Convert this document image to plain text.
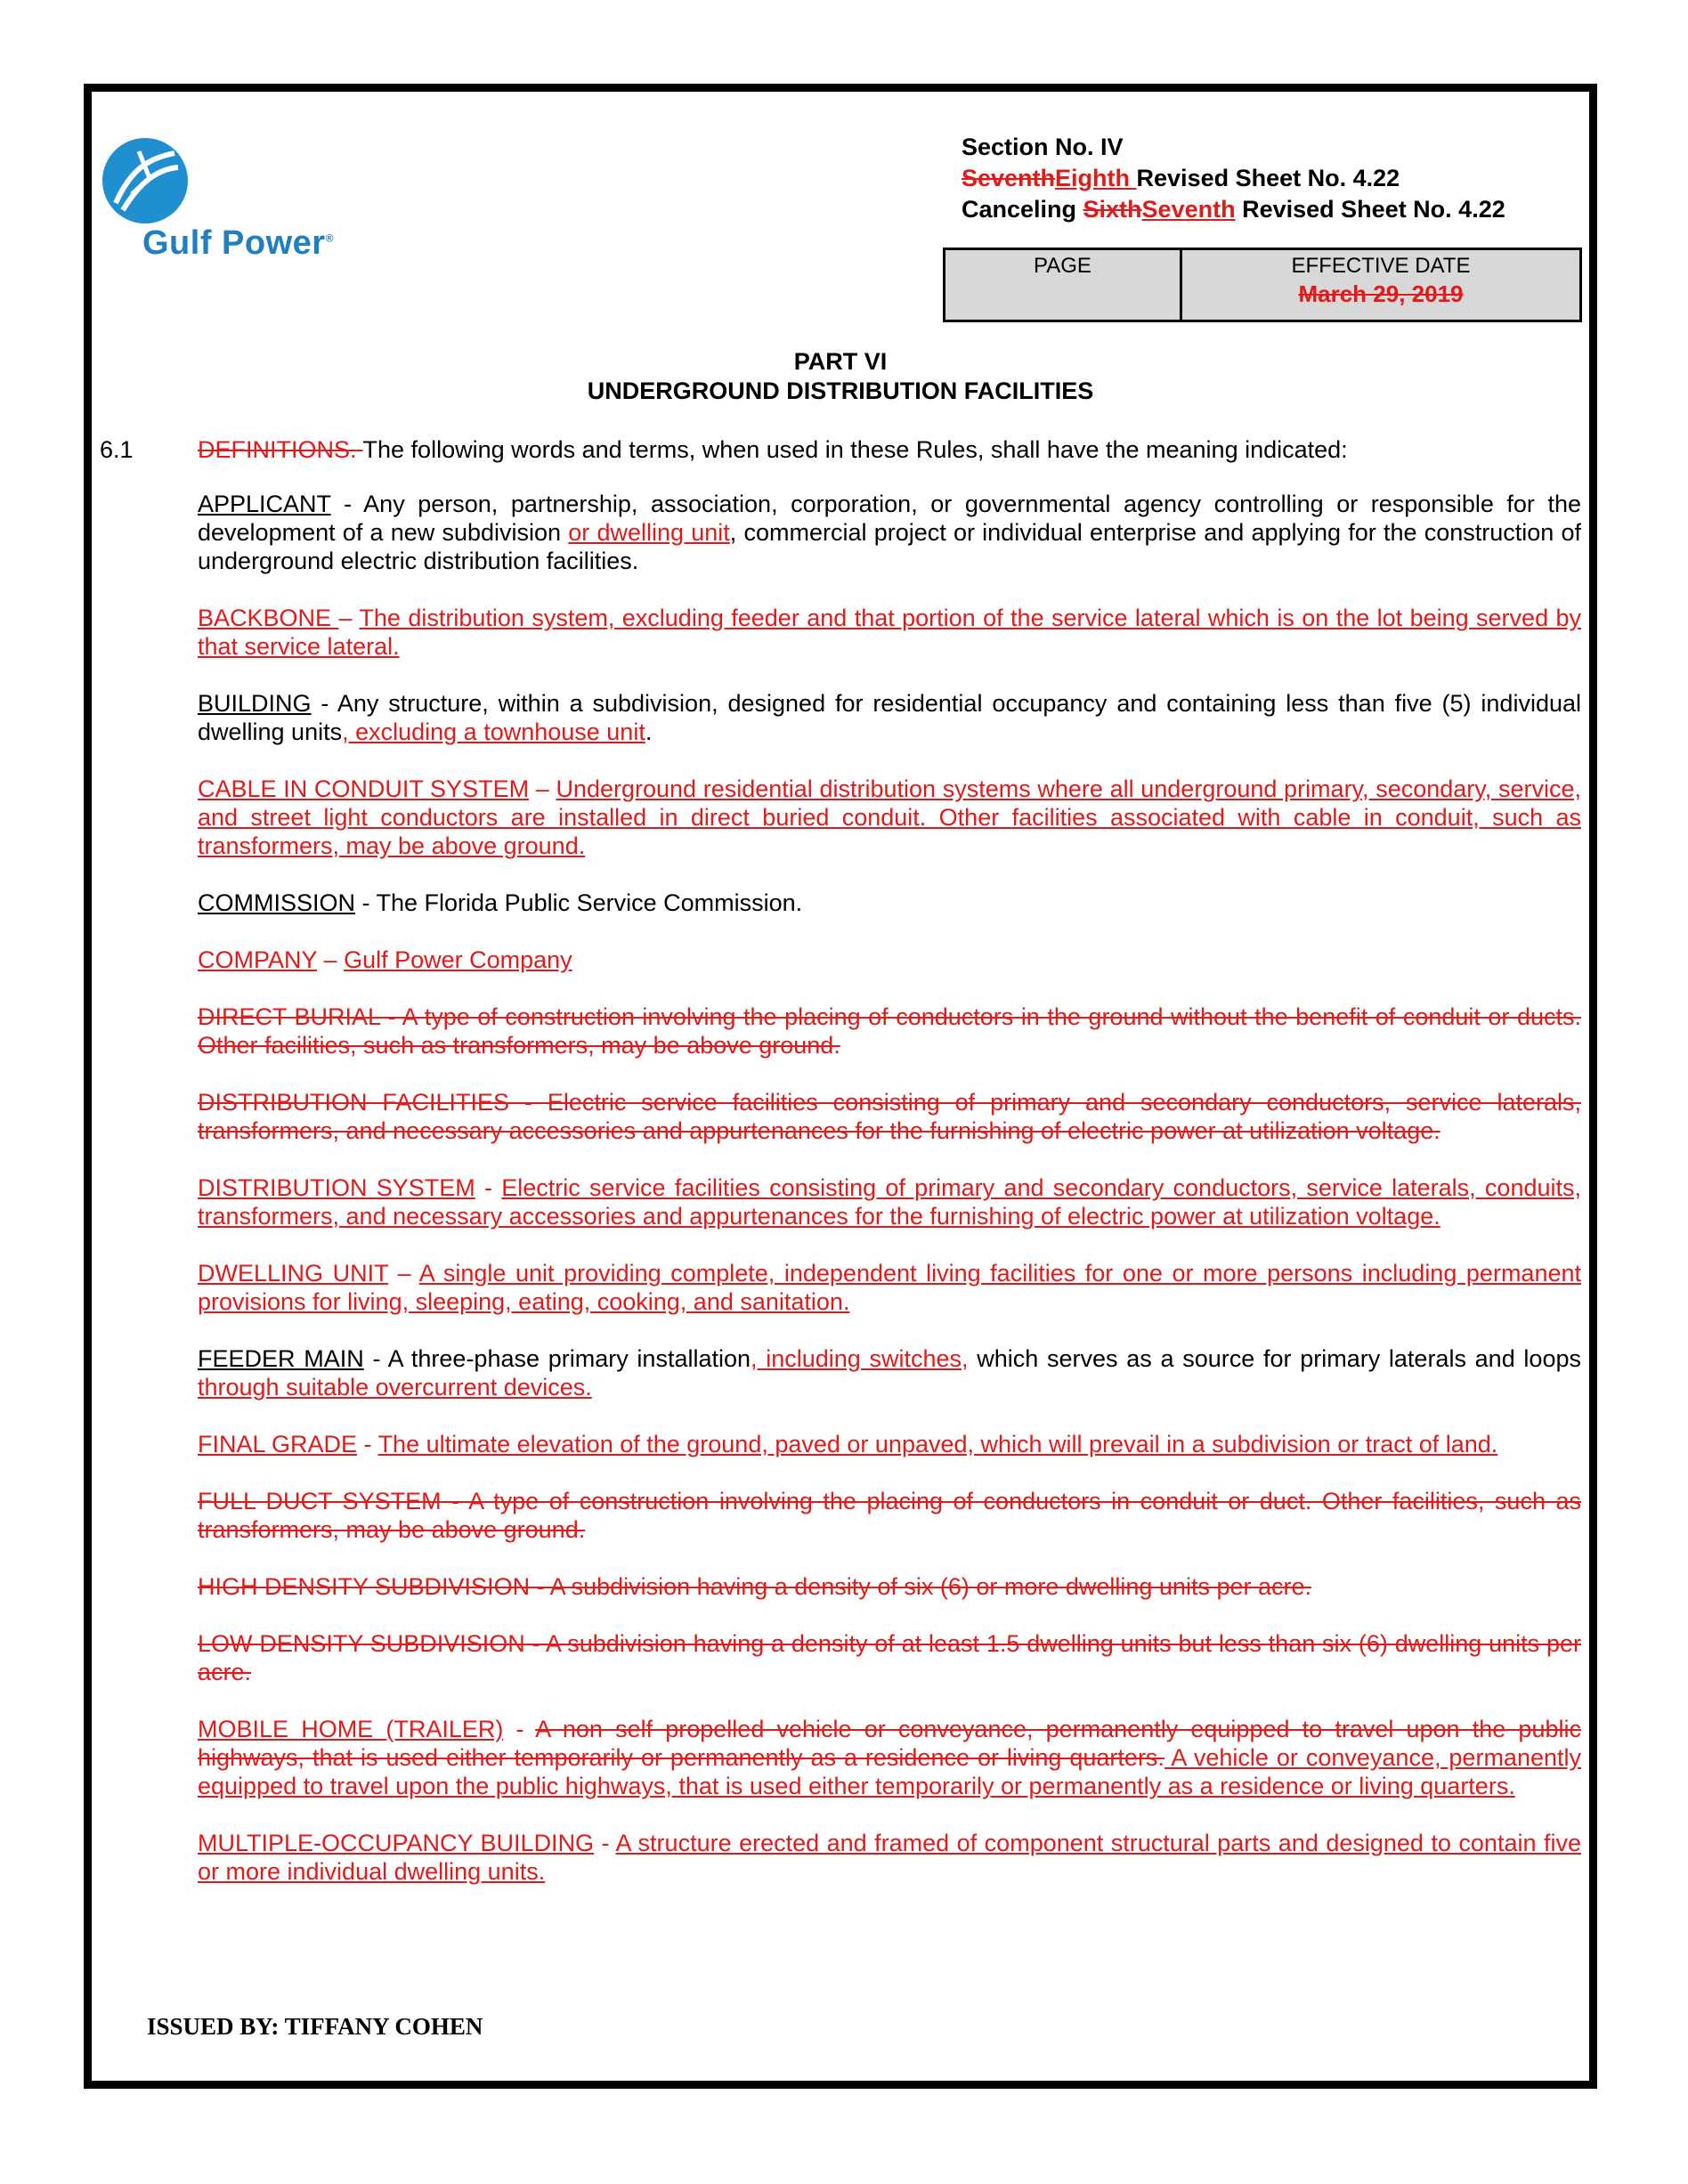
Gulf Power®
Section No. IV
SeventhEighth Revised Sheet No. 4.22
Canceling SixthSeventh Revised Sheet No. 4.22
PAGE	EFFECTIVE DATE
March 29, 2019
PART VI
UNDERGROUND DISTRIBUTION FACILITIES
6.1	DEFINITIONS. The following words and terms, when used in these Rules, shall have the meaning indicated:

APPLICANT - Any person, partnership, association, corporation, or governmental agency controlling or responsible for the development of a new subdivision or dwelling unit, commercial project or individual enterprise and applying for the construction of underground electric distribution facilities.

BACKBONE – The distribution system, excluding feeder and that portion of the service lateral which is on the lot being served by that service lateral.

BUILDING - Any structure, within a subdivision, designed for residential occupancy and containing less than five (5) individual dwelling units, excluding a townhouse unit.

CABLE IN CONDUIT SYSTEM – Underground residential distribution systems where all underground primary, secondary, service, and street light conductors are installed in direct buried conduit. Other facilities associated with cable in conduit, such as transformers, may be above ground.

COMMISSION - The Florida Public Service Commission.

COMPANY – Gulf Power Company

DIRECT BURIAL - A type of construction involving the placing of conductors in the ground without the benefit of conduit or ducts. Other facilities, such as transformers, may be above ground.

DISTRIBUTION FACILITIES - Electric service facilities consisting of primary and secondary conductors, service laterals, transformers, and necessary accessories and appurtenances for the furnishing of electric power at utilization voltage.

DISTRIBUTION SYSTEM - Electric service facilities consisting of primary and secondary conductors, service laterals, conduits, transformers, and necessary accessories and appurtenances for the furnishing of electric power at utilization voltage.

DWELLING UNIT – A single unit providing complete, independent living facilities for one or more persons including permanent provisions for living, sleeping, eating, cooking, and sanitation.

FEEDER MAIN - A three-phase primary installation, including switches, which serves as a source for primary laterals and loops through suitable overcurrent devices.

FINAL GRADE - The ultimate elevation of the ground, paved or unpaved, which will prevail in a subdivision or tract of land.

FULL DUCT SYSTEM - A type of construction involving the placing of conductors in conduit or duct. Other facilities, such as transformers, may be above ground.

HIGH DENSITY SUBDIVISION - A subdivision having a density of six (6) or more dwelling units per acre.

LOW DENSITY SUBDIVISION - A subdivision having a density of at least 1.5 dwelling units but less than six (6) dwelling units per acre.

MOBILE HOME (TRAILER) - A non self propelled vehicle or conveyance, permanently equipped to travel upon the public highways, that is used either temporarily or permanently as a residence or living quarters. A vehicle or conveyance, permanently equipped to travel upon the public highways, that is used either temporarily or permanently as a residence or living quarters.

MULTIPLE-OCCUPANCY BUILDING - A structure erected and framed of component structural parts and designed to contain five or more individual dwelling units.

ISSUED BY: TIFFANY COHEN
